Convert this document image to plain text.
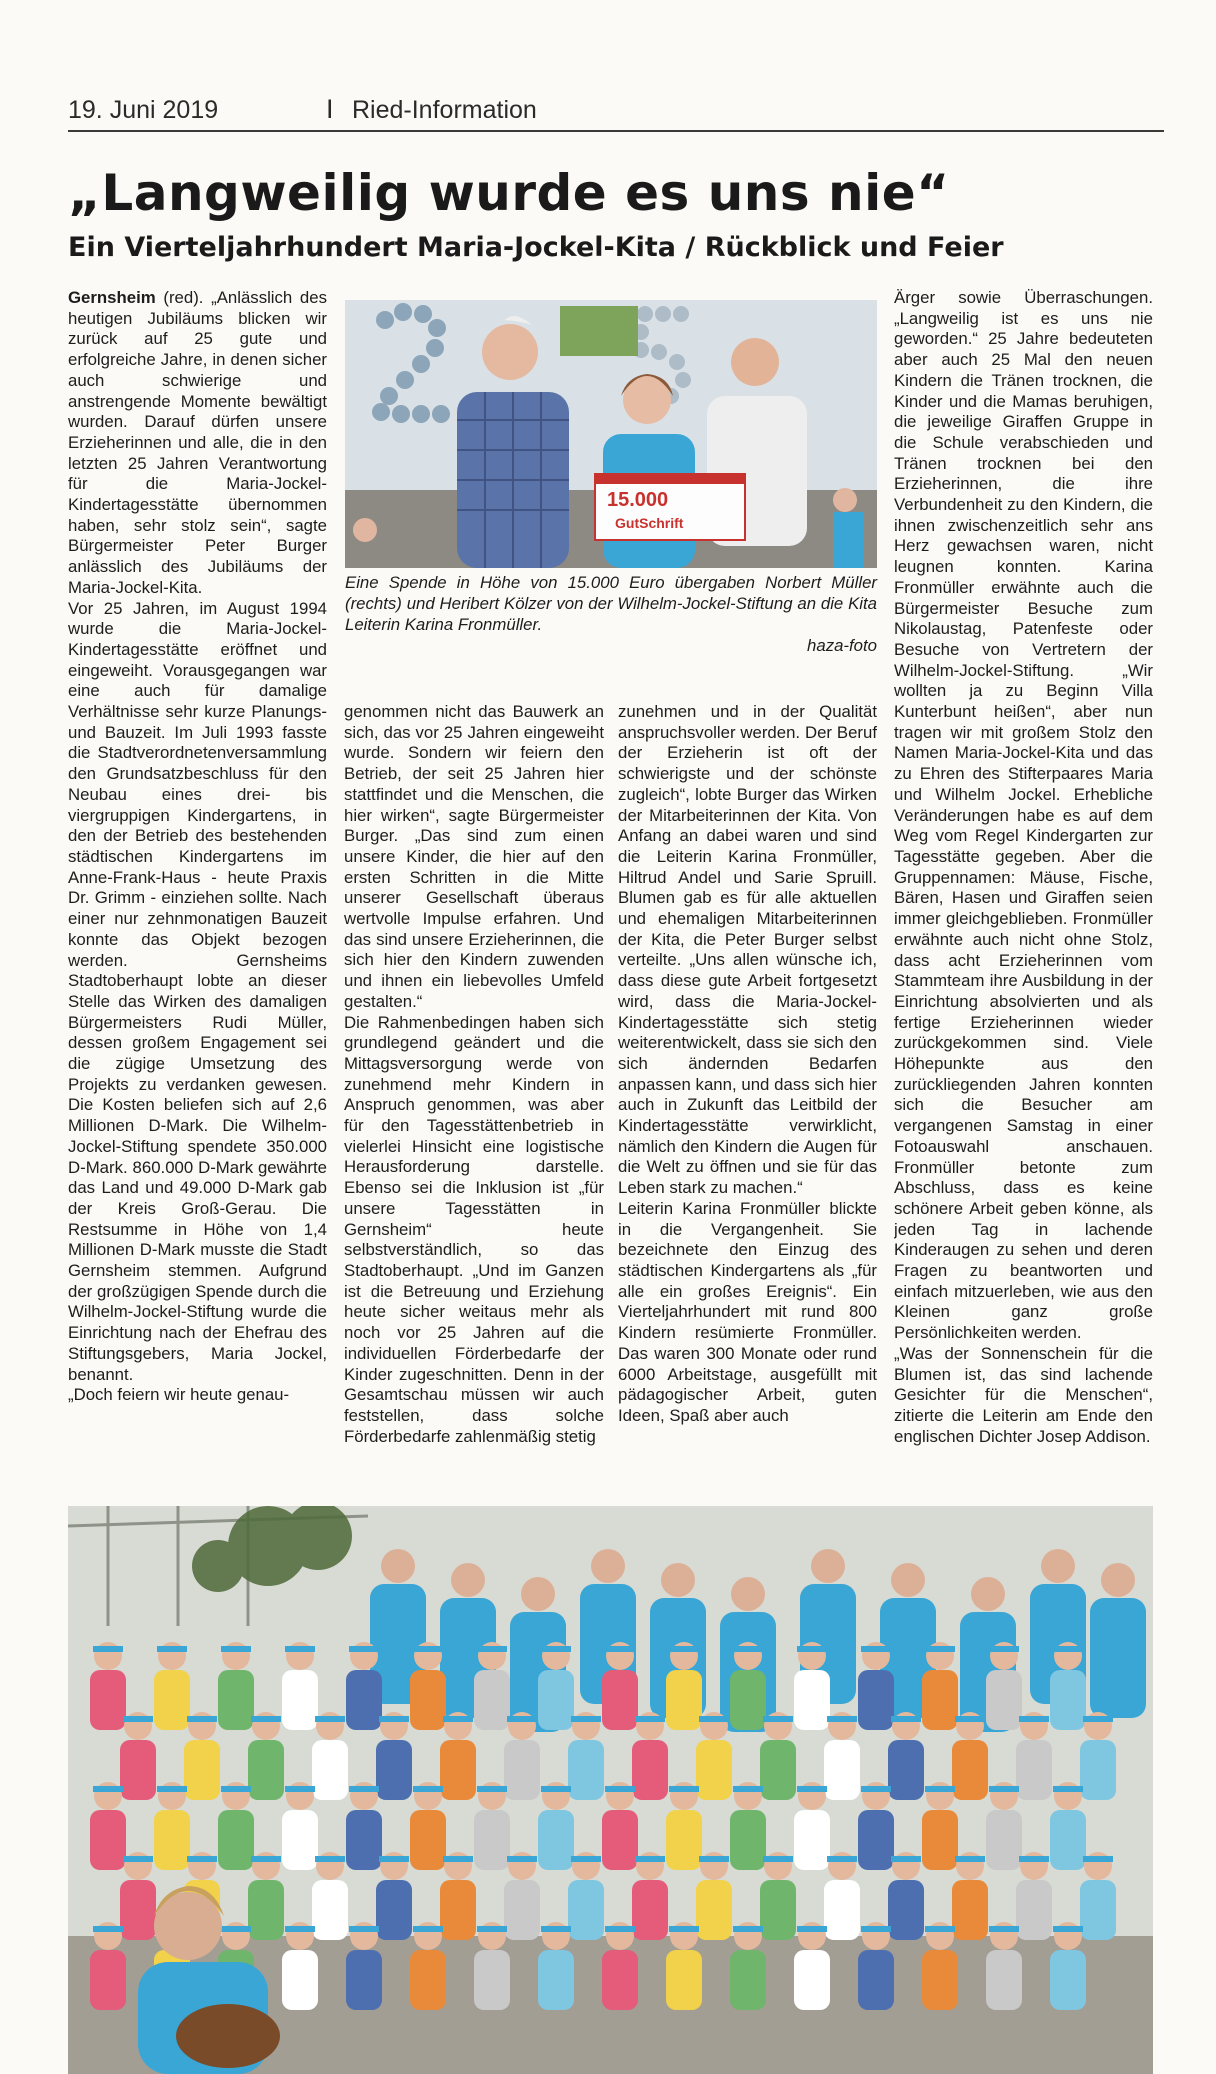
19. Juni 2019	I Ried-Information
„Langweilig wurde es uns nie“
Ein Vierteljahrhundert Maria-Jockel-Kita / Rückblick und Feier

Gernsheim (red). „Anlässlich des heutigen Jubiläums blicken wir zurück auf 25 gute und erfolgreiche Jahre, in denen sicher auch schwierige und anstrengende Momente bewältigt wurden. Darauf dürfen unsere Erzieherinnen und alle, die in den letzten 25 Jahren Verantwortung für die Maria-Jockel-Kindertagesstätte übernommen haben, sehr stolz sein“, sagte Bürgermeister Peter Burger anlässlich des Jubiläums der Maria-Jockel-Kita.

Vor 25 Jahren, im August 1994 wurde die Maria-Jockel-Kindertagesstätte eröffnet und eingeweiht. Vorausgegangen war eine auch für damalige Verhältnisse sehr kurze Planungs- und Bauzeit. Im Juli 1993 fasste die Stadtverordnetenversammlung den Grundsatzbeschluss für den Neubau eines drei- bis viergruppigen Kindergartens, in den der Betrieb des bestehenden städtischen Kindergartens im Anne-Frank-Haus - heute Praxis Dr. Grimm - einziehen sollte. Nach einer nur zehnmonatigen Bauzeit konnte das Objekt bezogen werden. Gernsheims Stadtoberhaupt lobte an dieser Stelle das Wirken des damaligen Bürgermeisters Rudi Müller, dessen großem Engagement sei die zügige Umsetzung des Projekts zu verdanken gewesen. Die Kosten beliefen sich auf 2,6 Millionen D-Mark. Die Wilhelm-Jockel-Stiftung spendete 350.000 D-Mark. 860.000 D-Mark gewährte das Land und 49.000 D-Mark gab der Kreis Groß-Gerau. Die Restsumme in Höhe von 1,4 Millionen D-Mark musste die Stadt Gernsheim stemmen. Aufgrund der großzügigen Spende durch die Wilhelm-Jockel-Stiftung wurde die Einrichtung nach der Ehefrau des Stiftungsgebers, Maria Jockel, benannt.

„Doch feiern wir heute genau-

15.000
GutSchrift
Eine Spende in Höhe von 15.000 Euro übergaben Norbert Müller (rechts) und Heribert Kölzer von der Wilhelm-Jockel-Stiftung an die Kita Leiterin Karina Fronmüller.
haza-foto

genommen nicht das Bauwerk an sich, das vor 25 Jahren eingeweiht wurde. Sondern wir feiern den Betrieb, der seit 25 Jahren hier stattfindet und die Menschen, die hier wirken“, sagte Bürgermeister Burger. „Das sind zum einen unsere Kinder, die hier auf den ersten Schritten in die Mitte unserer Gesellschaft überaus wertvolle Impulse erfahren. Und das sind unsere Erzieherinnen, die sich hier den Kindern zuwenden und ihnen ein liebevolles Umfeld gestalten.“

Die Rahmenbedingen haben sich grundlegend geändert und die Mittagsversorgung werde von zunehmend mehr Kindern in Anspruch genommen, was aber für den Tagesstättenbetrieb in vielerlei Hinsicht eine logistische Herausforderung darstelle. Ebenso sei die Inklusion ist „für unsere Tagesstätten in Gernsheim“ heute selbstverständlich, so das Stadtoberhaupt. „Und im Ganzen ist die Betreuung und Erziehung heute sicher weitaus mehr als noch vor 25 Jahren auf die individuellen Förderbedarfe der Kinder zugeschnitten. Denn in der Gesamtschau müssen wir auch feststellen, dass solche Förderbedarfe zahlenmäßig stetig

zunehmen und in der Qualität anspruchsvoller werden. Der Beruf der Erzieherin ist oft der schwierigste und der schönste zugleich“, lobte Burger das Wirken der Mitarbeiterinnen der Kita. Von Anfang an dabei waren und sind die Leiterin Karina Fronmüller, Hiltrud Andel und Sarie Spruill. Blumen gab es für alle aktuellen und ehemaligen Mitarbeiterinnen der Kita, die Peter Burger selbst verteilte. „Uns allen wünsche ich, dass diese gute Arbeit fortgesetzt wird, dass die Maria-Jockel-Kindertagesstätte sich stetig weiterentwickelt, dass sie sich den sich ändernden Bedarfen anpassen kann, und dass sich hier auch in Zukunft das Leitbild der Kindertagesstätte verwirklicht, nämlich den Kindern die Augen für die Welt zu öffnen und sie für das Leben stark zu machen.“

Leiterin Karina Fronmüller blickte in die Vergangenheit. Sie bezeichnete den Einzug des städtischen Kindergartens als „für alle ein großes Ereignis“. Ein Vierteljahrhundert mit rund 800 Kindern resümierte Fronmüller. Das waren 300 Monate oder rund 6000 Arbeitstage, ausgefüllt mit pädagogischer Arbeit, guten Ideen, Spaß aber auch

Ärger sowie Überraschungen. „Langweilig ist es uns nie geworden.“ 25 Jahre bedeuteten aber auch 25 Mal den neuen Kindern die Tränen trocknen, die Kinder und die Mamas beruhigen, die jeweilige Giraffen Gruppe in die Schule verabschieden und Tränen trocknen bei den Erzieherinnen, die ihre Verbundenheit zu den Kindern, die ihnen zwischenzeitlich sehr ans Herz gewachsen waren, nicht leugnen konnten. Karina Fronmüller erwähnte auch die Bürgermeister Besuche zum Nikolaustag, Patenfeste oder Besuche von Vertretern der Wilhelm-Jockel-Stiftung. „Wir wollten ja zu Beginn Villa Kunterbunt heißen“, aber nun tragen wir mit großem Stolz den Namen Maria-Jockel-Kita und das zu Ehren des Stifterpaares Maria und Wilhelm Jockel. Erhebliche Veränderungen habe es auf dem Weg vom Regel Kindergarten zur Tagesstätte gegeben. Aber die Gruppennamen: Mäuse, Fische, Bären, Hasen und Giraffen seien immer gleichgeblieben. Fronmüller erwähnte auch nicht ohne Stolz, dass acht Erzieherinnen vom Stammteam ihre Ausbildung in der Einrichtung absolvierten und als fertige Erzieherinnen wieder zurückgekommen sind. Viele Höhepunkte aus den zurückliegenden Jahren konnten sich die Besucher am vergangenen Samstag in einer Fotoauswahl anschauen. Fronmüller betonte zum Abschluss, dass es keine schönere Arbeit geben könne, als jeden Tag in lachende Kinderaugen zu sehen und deren Fragen zu beantworten und einfach mitzuerleben, wie aus den Kleinen ganz große Persönlichkeiten werden.

„Was der Sonnenschein für die Blumen ist, das sind lachende Gesichter für die Menschen“, zitierte die Leiterin am Ende den englischen Dichter Josep Addison.
